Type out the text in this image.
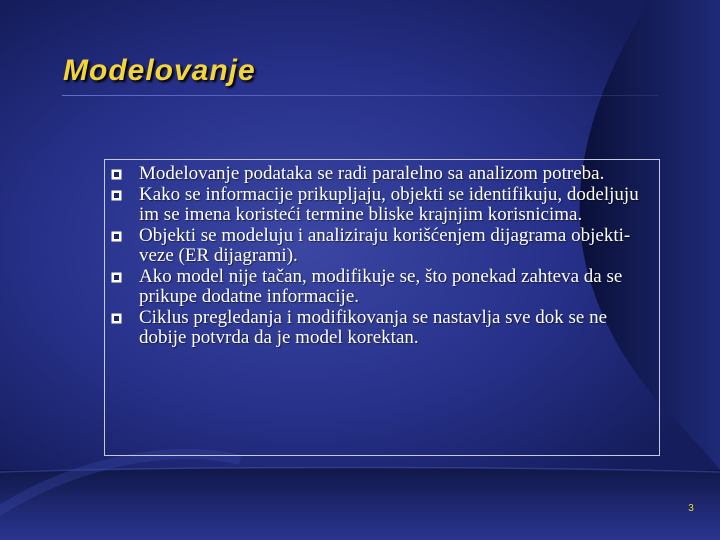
Modelovanje
Modelovanje podataka se radi paralelno sa analizom potreba.
Kako se informacije prikupljaju, objekti se identifikuju, dodeljuju im se imena koristeći termine bliske krajnjim korisnicima.
Objekti se modeluju i analiziraju korišćenjem dijagrama objekti-veze (ER dijagrami).
Ako model nije tačan, modifikuje se, što ponekad zahteva da se prikupe dodatne informacije.
Ciklus pregledanja i modifikovanja se nastavlja sve dok se ne dobije potvrda da je model korektan.
3
